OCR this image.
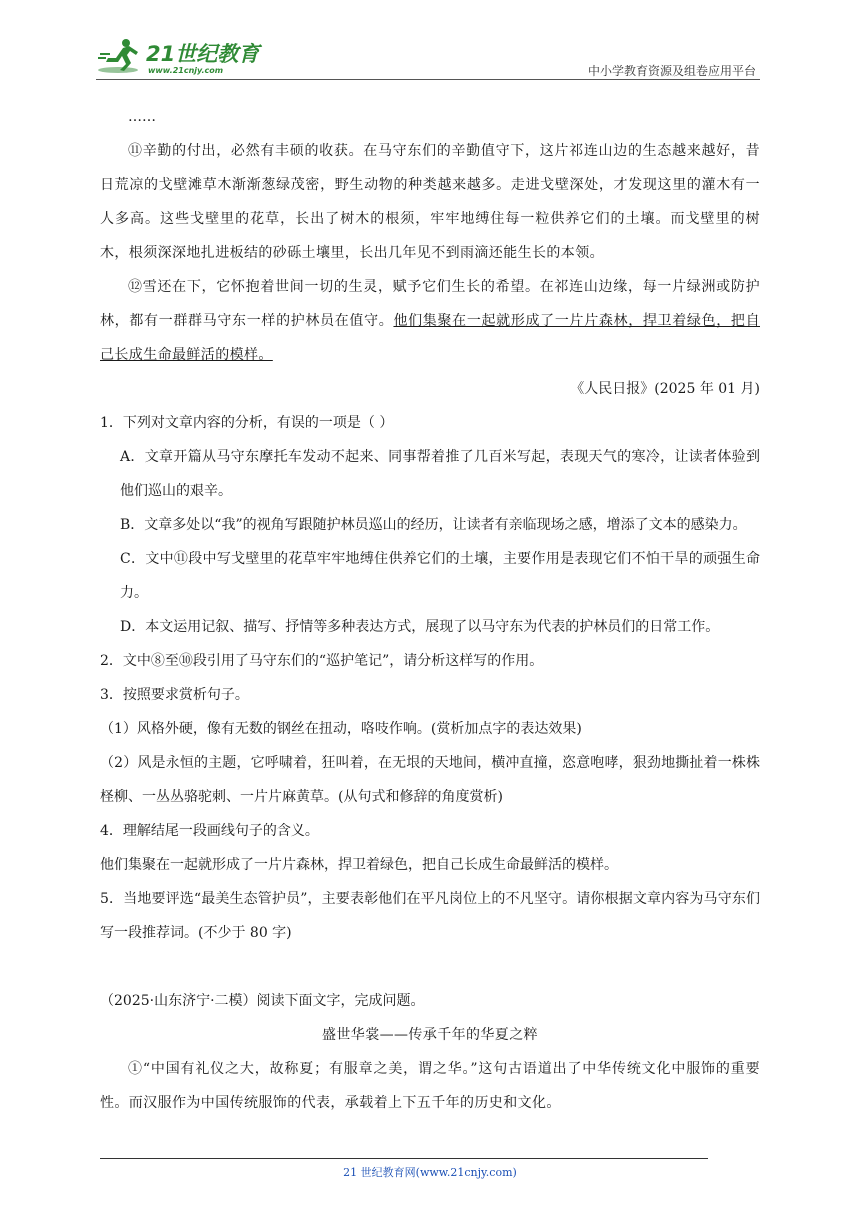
21世纪教育
www.21cnjy.com	中小学教育资源及组卷应用平台

……

⑪辛勤的付出，必然有丰硕的收获。在马守东们的辛勤值守下，这片祁连山边的生态越来越好，昔日荒凉的戈壁滩草木渐渐葱绿茂密，野生动物的种类越来越多。走进戈壁深处，才发现这里的灌木有一人多高。这些戈壁里的花草，长出了树木的根须，牢牢地缚住每一粒供养它们的土壤。而戈壁里的树木，根须深深地扎进板结的砂砾土壤里，长出几年见不到雨滴还能生长的本领。

⑫雪还在下，它怀抱着世间一切的生灵，赋予它们生长的希望。在祁连山边缘，每一片绿洲或防护林，都有一群群马守东一样的护林员在值守。他们集聚在一起就形成了一片片森林，捍卫着绿色，把自己长成生命最鲜活的模样。

《人民日报》(2025 年 01 月)

1．下列对文章内容的分析，有误的一项是（ ）

A．文章开篇从马守东摩托车发动不起来、同事帮着推了几百米写起，表现天气的寒冷，让读者体验到他们巡山的艰辛。

B．文章多处以“我”的视角写跟随护林员巡山的经历，让读者有亲临现场之感，增添了文本的感染力。

C．文中⑪段中写戈壁里的花草牢牢地缚住供养它们的土壤，主要作用是表现它们不怕干旱的顽强生命力。

D．本文运用记叙、描写、抒情等多种表达方式，展现了以马守东为代表的护林员们的日常工作。

2．文中⑧至⑩段引用了马守东们的“巡护笔记”，请分析这样写的作用。

3．按照要求赏析句子。

（1）风格外硬，像有无数的钢丝在扭动，咯吱作响。(赏析加点字的表达效果)

（2）风是永恒的主题，它呼啸着，狂叫着，在无垠的天地间，横冲直撞，恣意咆哮，狠劲地撕扯着一株株柽柳、一丛丛骆驼刺、一片片麻黄草。(从句式和修辞的角度赏析)

4．理解结尾一段画线句子的含义。

他们集聚在一起就形成了一片片森林，捍卫着绿色，把自己长成生命最鲜活的模样。

5．当地要评选“最美生态管护员”，主要表彰他们在平凡岗位上的不凡坚守。请你根据文章内容为马守东们写一段推荐词。(不少于 80 字)

（2025·山东济宁·二模）阅读下面文字，完成问题。

盛世华裳——传承千年的华夏之粹

①“中国有礼仪之大，故称夏；有服章之美，谓之华。”这句古语道出了中华传统文化中服饰的重要性。而汉服作为中国传统服饰的代表，承载着上下五千年的历史和文化。

21 世纪教育网(www.21cnjy.com)
